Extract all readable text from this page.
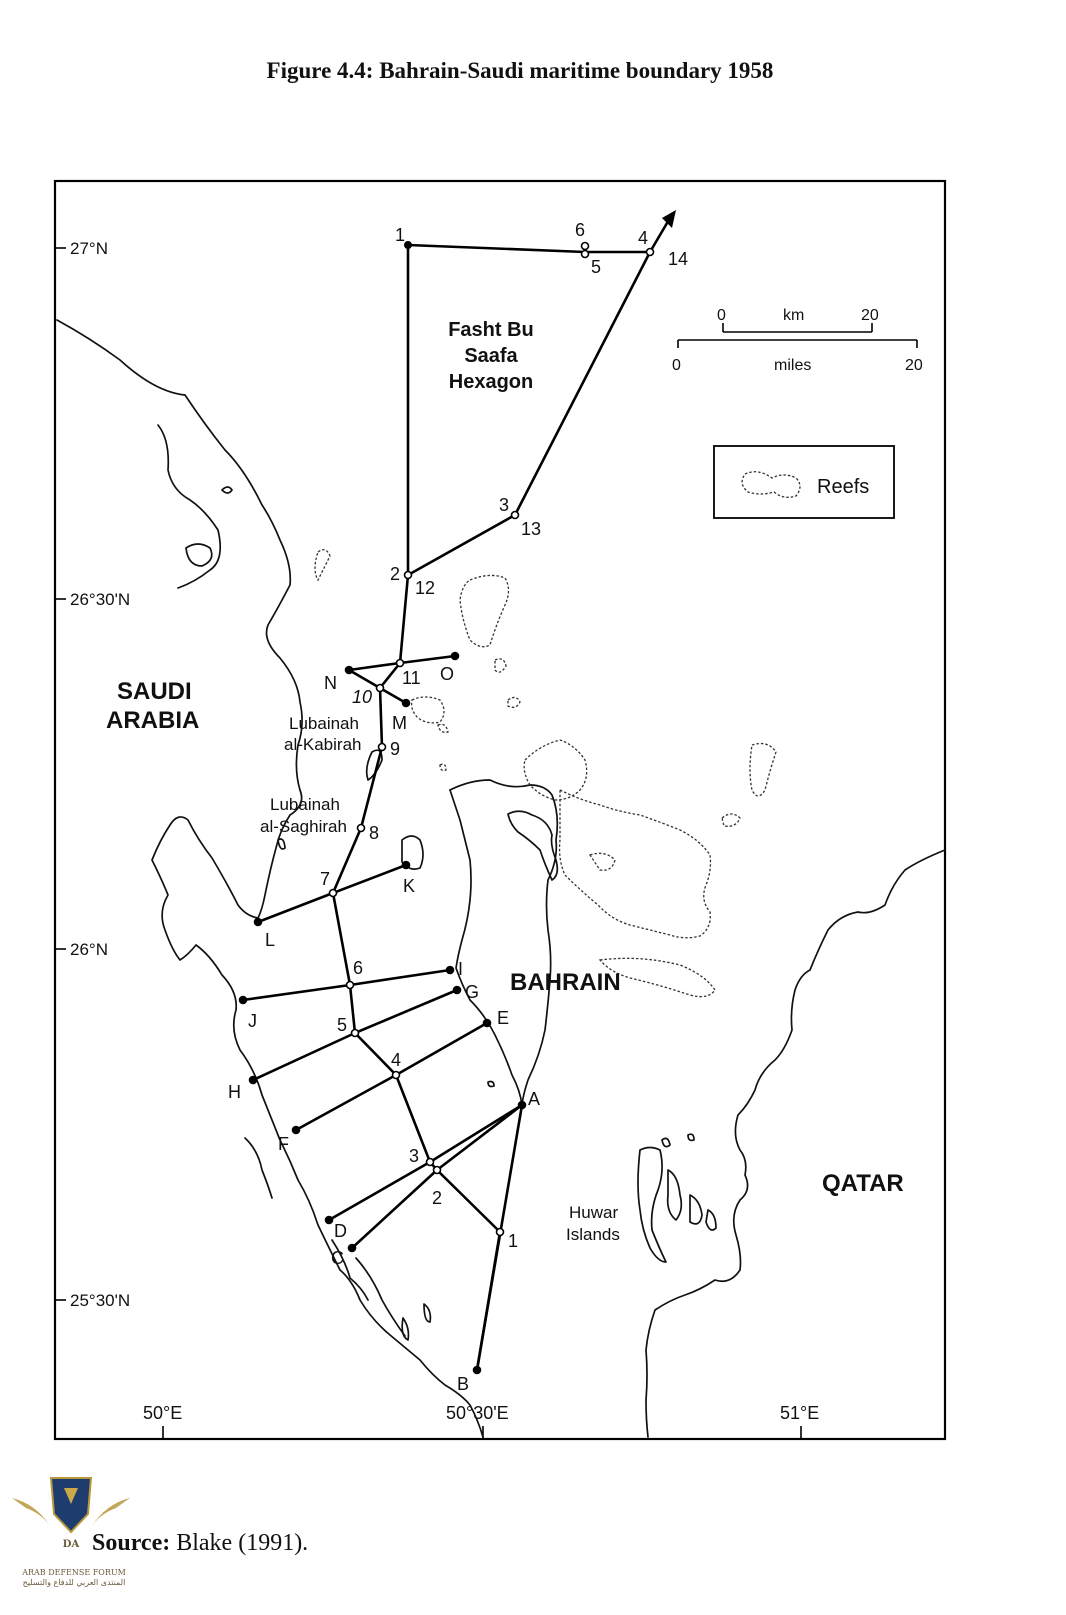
Figure 4.4: Bahrain-Saudi maritime boundary 1958
27°N
26°30'N
26°N
25°30'N
50°E	50°30'E	51°E
1	6
5
4
14
3
13
2
12
11
10
9
8
7
6
5
4
3
2
1
N	O
M
K
L
I
G
J	E
H
F
A
D
C
B
SAUDI
ARABIA
BAHRAIN
QATAR
Fasht Bu
Saafa
Hexagon
Lubainah
al-Kabirah
Lubainah
al-Saghirah
Huwar
Islands
0	km	20
0	miles	20
Reefs
Source: Blake (1991).
DA
ARAB DEFENSE FORUM
المنتدى العربي للدفاع والتسليح
